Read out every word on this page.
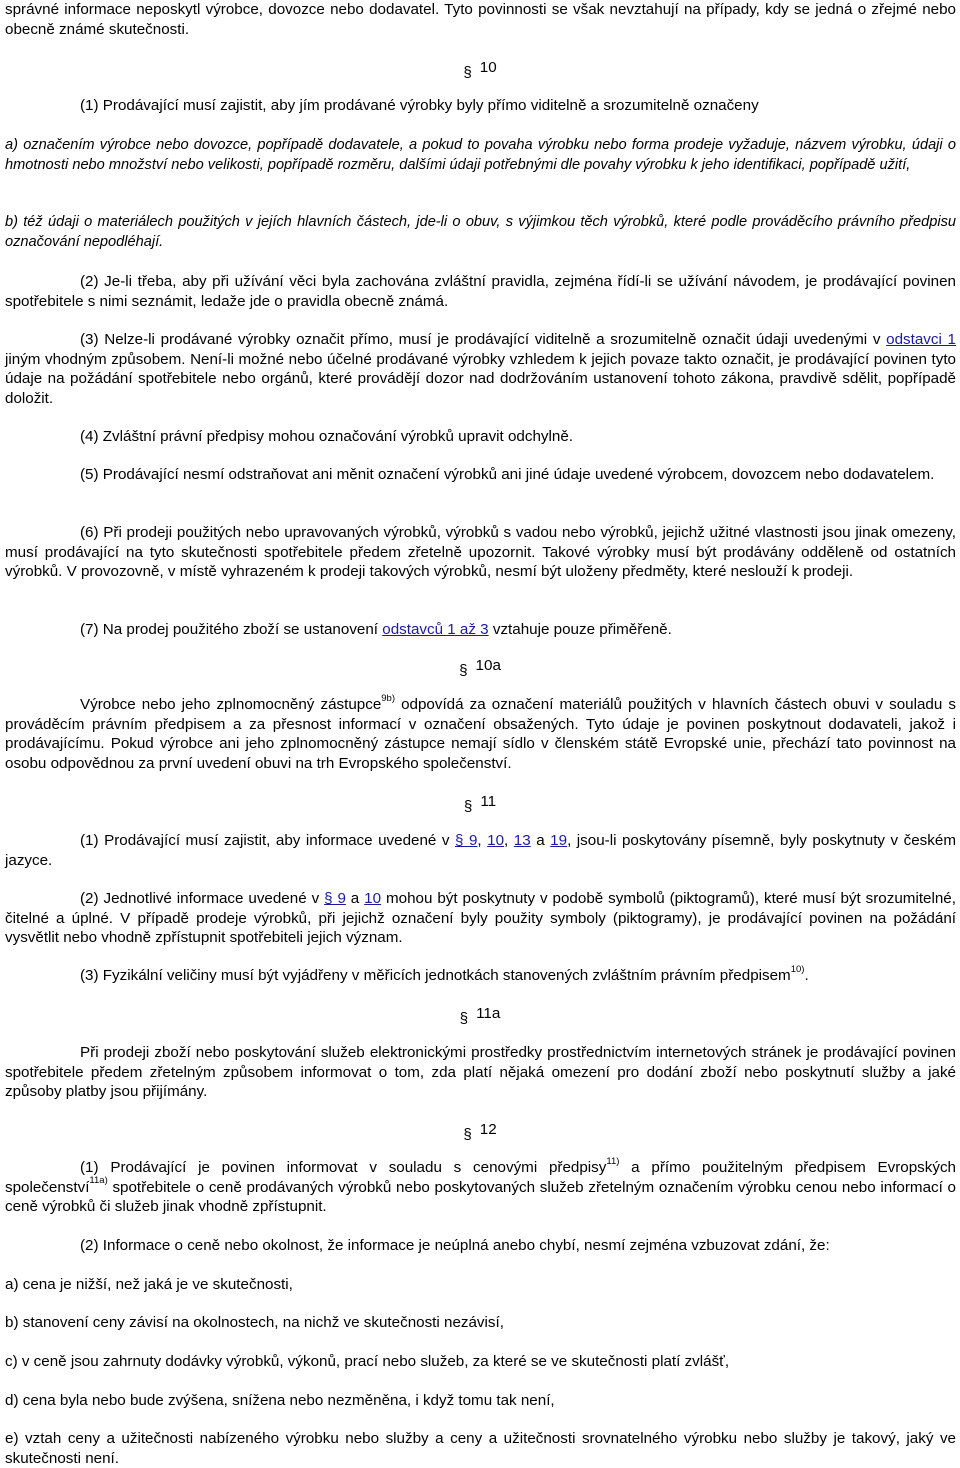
správné informace neposkytl výrobce, dovozce nebo dodavatel. Tyto povinnosti se však nevztahují na případy, kdy se jedná o zřejmé nebo obecně známé skutečnosti.

§ 10

(1) Prodávající musí zajistit, aby jím prodávané výrobky byly přímo viditelně a srozumitelně označeny

a) označením výrobce nebo dovozce, popřípadě dodavatele, a pokud to povaha výrobku nebo forma prodeje vyžaduje, názvem výrobku, údaji o hmotnosti nebo množství nebo velikosti, popřípadě rozměru, dalšími údaji potřebnými dle povahy výrobku k jeho identifikaci, popřípadě užití,

b) též údaji o materiálech použitých v jejích hlavních částech, jde-li o obuv, s výjimkou těch výrobků, které podle prováděcího právního předpisu označování nepodléhají.

(2) Je-li třeba, aby při užívání věci byla zachována zvláštní pravidla, zejména řídí-li se užívání návodem, je prodávající povinen spotřebitele s nimi seznámit, ledaže jde o pravidla obecně známá.

(3) Nelze-li prodávané výrobky označit přímo, musí je prodávající viditelně a srozumitelně označit údaji uvedenými v odstavci 1 jiným vhodným způsobem. Není-li možné nebo účelné prodávané výrobky vzhledem k jejich povaze takto označit, je prodávající povinen tyto údaje na požádání spotřebitele nebo orgánů, které provádějí dozor nad dodržováním ustanovení tohoto zákona, pravdivě sdělit, popřípadě doložit.

(4) Zvláštní právní předpisy mohou označování výrobků upravit odchylně.

(5) Prodávající nesmí odstraňovat ani měnit označení výrobků ani jiné údaje uvedené výrobcem, dovozcem nebo dodavatelem.

(6) Při prodeji použitých nebo upravovaných výrobků, výrobků s vadou nebo výrobků, jejichž užitné vlastnosti jsou jinak omezeny, musí prodávající na tyto skutečnosti spotřebitele předem zřetelně upozornit. Takové výrobky musí být prodávány odděleně od ostatních výrobků. V provozovně, v místě vyhrazeném k prodeji takových výrobků, nesmí být uloženy předměty, které neslouží k prodeji.

(7) Na prodej použitého zboží se ustanovení odstavců 1 až 3 vztahuje pouze přiměřeně.

§ 10a

Výrobce nebo jeho zplnomocněný zástupce$^{9b)}$ odpovídá za označení materiálů použitých v hlavních částech obuvi v souladu s prováděcím právním předpisem a za přesnost informací v označení obsažených. Tyto údaje je povinen poskytnout dodavateli, jakož i prodávajícímu. Pokud výrobce ani jeho zplnomocněný zástupce nemají sídlo v členském státě Evropské unie, přechází tato povinnost na osobu odpovědnou za první uvedení obuvi na trh Evropského společenství.

§ 11

(1) Prodávající musí zajistit, aby informace uvedené v § 9, 10, 13 a 19, jsou-li poskytovány písemně, byly poskytnuty v českém jazyce.

(2) Jednotlivé informace uvedené v § 9 a 10 mohou být poskytnuty v podobě symbolů (piktogramů), které musí být srozumitelné, čitelné a úplné. V případě prodeje výrobků, při jejichž označení byly použity symboly (piktogramy), je prodávající povinen na požádání vysvětlit nebo vhodně zpřístupnit spotřebiteli jejich význam.

(3) Fyzikální veličiny musí být vyjádřeny v měřicích jednotkách stanovených zvláštním právním předpisem$^{10)}$.

§ 11a

Při prodeji zboží nebo poskytování služeb elektronickými prostředky prostřednictvím internetových stránek je prodávající povinen spotřebitele předem zřetelným způsobem informovat o tom, zda platí nějaká omezení pro dodání zboží nebo poskytnutí služby a jaké způsoby platby jsou přijímány.

§ 12

(1) Prodávající je povinen informovat v souladu s cenovými předpisy$^{11)}$ a přímo použitelným předpisem Evropských společenství$^{11a)}$ spotřebitele o ceně prodávaných výrobků nebo poskytovaných služeb zřetelným označením výrobku cenou nebo informací o ceně výrobků či služeb jinak vhodně zpřístupnit.

(2) Informace o ceně nebo okolnost, že informace je neúplná anebo chybí, nesmí zejména vzbuzovat zdání, že:

a) cena je nižší, než jaká je ve skutečnosti,

b) stanovení ceny závisí na okolnostech, na nichž ve skutečnosti nezávisí,

c) v ceně jsou zahrnuty dodávky výrobků, výkonů, prací nebo služeb, za které se ve skutečnosti platí zvlášť,

d) cena byla nebo bude zvýšena, snížena nebo nezměněna, i když tomu tak není,

e) vztah ceny a užitečnosti nabízeného výrobku nebo služby a ceny a užitečnosti srovnatelného výrobku nebo služby je takový, jaký ve skutečnosti není.
